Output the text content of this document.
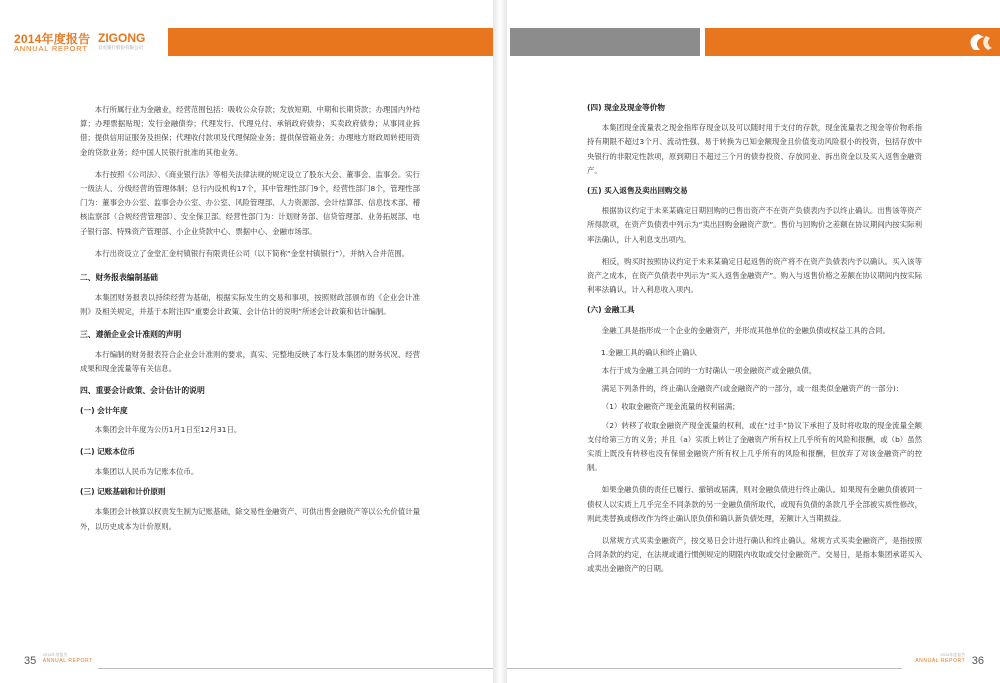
2014年度报告
ANNUAL REPORT
ZIGONG
自贡银行股份有限公司

本行所属行业为金融业，经营范围包括：吸收公众存款；发放短期、中期和长期贷款；办理国内外结算；办理票据贴现；发行金融债券；代理发行、代理兑付、承销政府债券；买卖政府债券；从事同业拆借；提供信用证服务及担保；代理收付款项及代理保险业务；提供保管箱业务；办理地方财政周转使用资金的贷款业务；经中国人民银行批准的其他业务。

本行按照《公司法》、《商业银行法》等相关法律法规的规定设立了股东大会、董事会、监事会。实行一级法人、分级经营的管理体制；总行内设机构17个，其中管理性部门9个，经营性部门8个，管理性部门为：董事会办公室、监事会办公室、办公室、风险管理部、人力资源部、会计结算部、信息技术部、稽核监察部（合规经营管理部）、安全保卫部。经营性部门为：计划财务部、信贷管理部、业务拓展部、电子银行部、特殊资产管理部、小企业贷款中心、票据中心、金融市场部。

本行出资设立了金堂汇金村镇银行有限责任公司（以下简称“金堂村镇银行”），并纳入合并范围。

二、财务报表编制基础

本集团财务报表以持续经营为基础，根据实际发生的交易和事项，按照财政部颁布的《企业会计准则》及相关规定，并基于本附注四“重要会计政策、会计估计的说明”所述会计政策和估计编制。

三、遵循企业会计准则的声明

本行编制的财务报表符合企业会计准则的要求，真实、完整地反映了本行及本集团的财务状况、经营成果和现金流量等有关信息。

四、重要会计政策、会计估计的说明

(一) 会计年度

本集团会计年度为公历1月1日至12月31日。

(二) 记账本位币

本集团以人民币为记账本位币。

(三) 记账基础和计价原则

本集团会计核算以权责发生制为记账基础，除交易性金融资产、可供出售金融资产等以公允价值计量外，以历史成本为计价原则。

35
2014年度报告
ANNUAL REPORT

(四) 现金及现金等价物

本集团现金流量表之现金指库存现金以及可以随时用于支付的存款，现金流量表之现金等价物系指持有期限不超过3个月、流动性强、易于转换为已知金额现金且价值变动风险很小的投资，包括存放中央银行的非限定性款项，原到期日不超过三个月的债券投资、存放同业、拆出资金以及买入返售金融资产。

(五) 买入返售及卖出回购交易

根据协议约定于未来某确定日期回购的已售出资产不在资产负债表内予以终止确认。出售该等资产所得款项，在资产负债表中列示为“卖出回购金融资产款”。售价与回购价之差额在协议期间内按实际利率法确认，计入利息支出项内。

相反，购买时按照协议约定于未来某确定日起返售的资产将不在资产负债表内予以确认。买入该等资产之成本，在资产负债表中列示为“买入返售金融资产”。购入与返售价格之差额在协议期间内按实际利率法确认，计入利息收入项内。

(六) 金融工具

金融工具是指形成一个企业的金融资产，并形成其他单位的金融负债或权益工具的合同。

1.金融工具的确认和终止确认

本行于成为金融工具合同的一方时确认一项金融资产或金融负债。

满足下列条件的，终止确认金融资产(或金融资产的一部分，或一组类似金融资产的一部分)：

（1）收取金融资产现金流量的权利届满；

（2）转移了收取金融资产现金流量的权利，或在“过手”协议下承担了及时将收取的现金流量全额支付给第三方的义务；并且（a）实质上转让了金融资产所有权上几乎所有的风险和报酬，或（b）虽然实质上既没有转移也没有保留金融资产所有权上几乎所有的风险和报酬，但放弃了对该金融资产的控制。

如果金融负债的责任已履行、撤销或届满，则对金融负债进行终止确认。如果现有金融负债被同一债权人以实质上几乎完全不同条款的另一金融负债所取代，或现有负债的条款几乎全部被实质性修改，则此类替换或修改作为终止确认原负债和确认新负债处理，差额计入当期损益。

以常规方式买卖金融资产，按交易日会计进行确认和终止确认。常规方式买卖金融资产，是指按照合同条款的约定，在法规或通行惯例规定的期限内收取或交付金融资产。交易日，是指本集团承诺买入或卖出金融资产的日期。

2014年度报告
ANNUAL REPORT 36
